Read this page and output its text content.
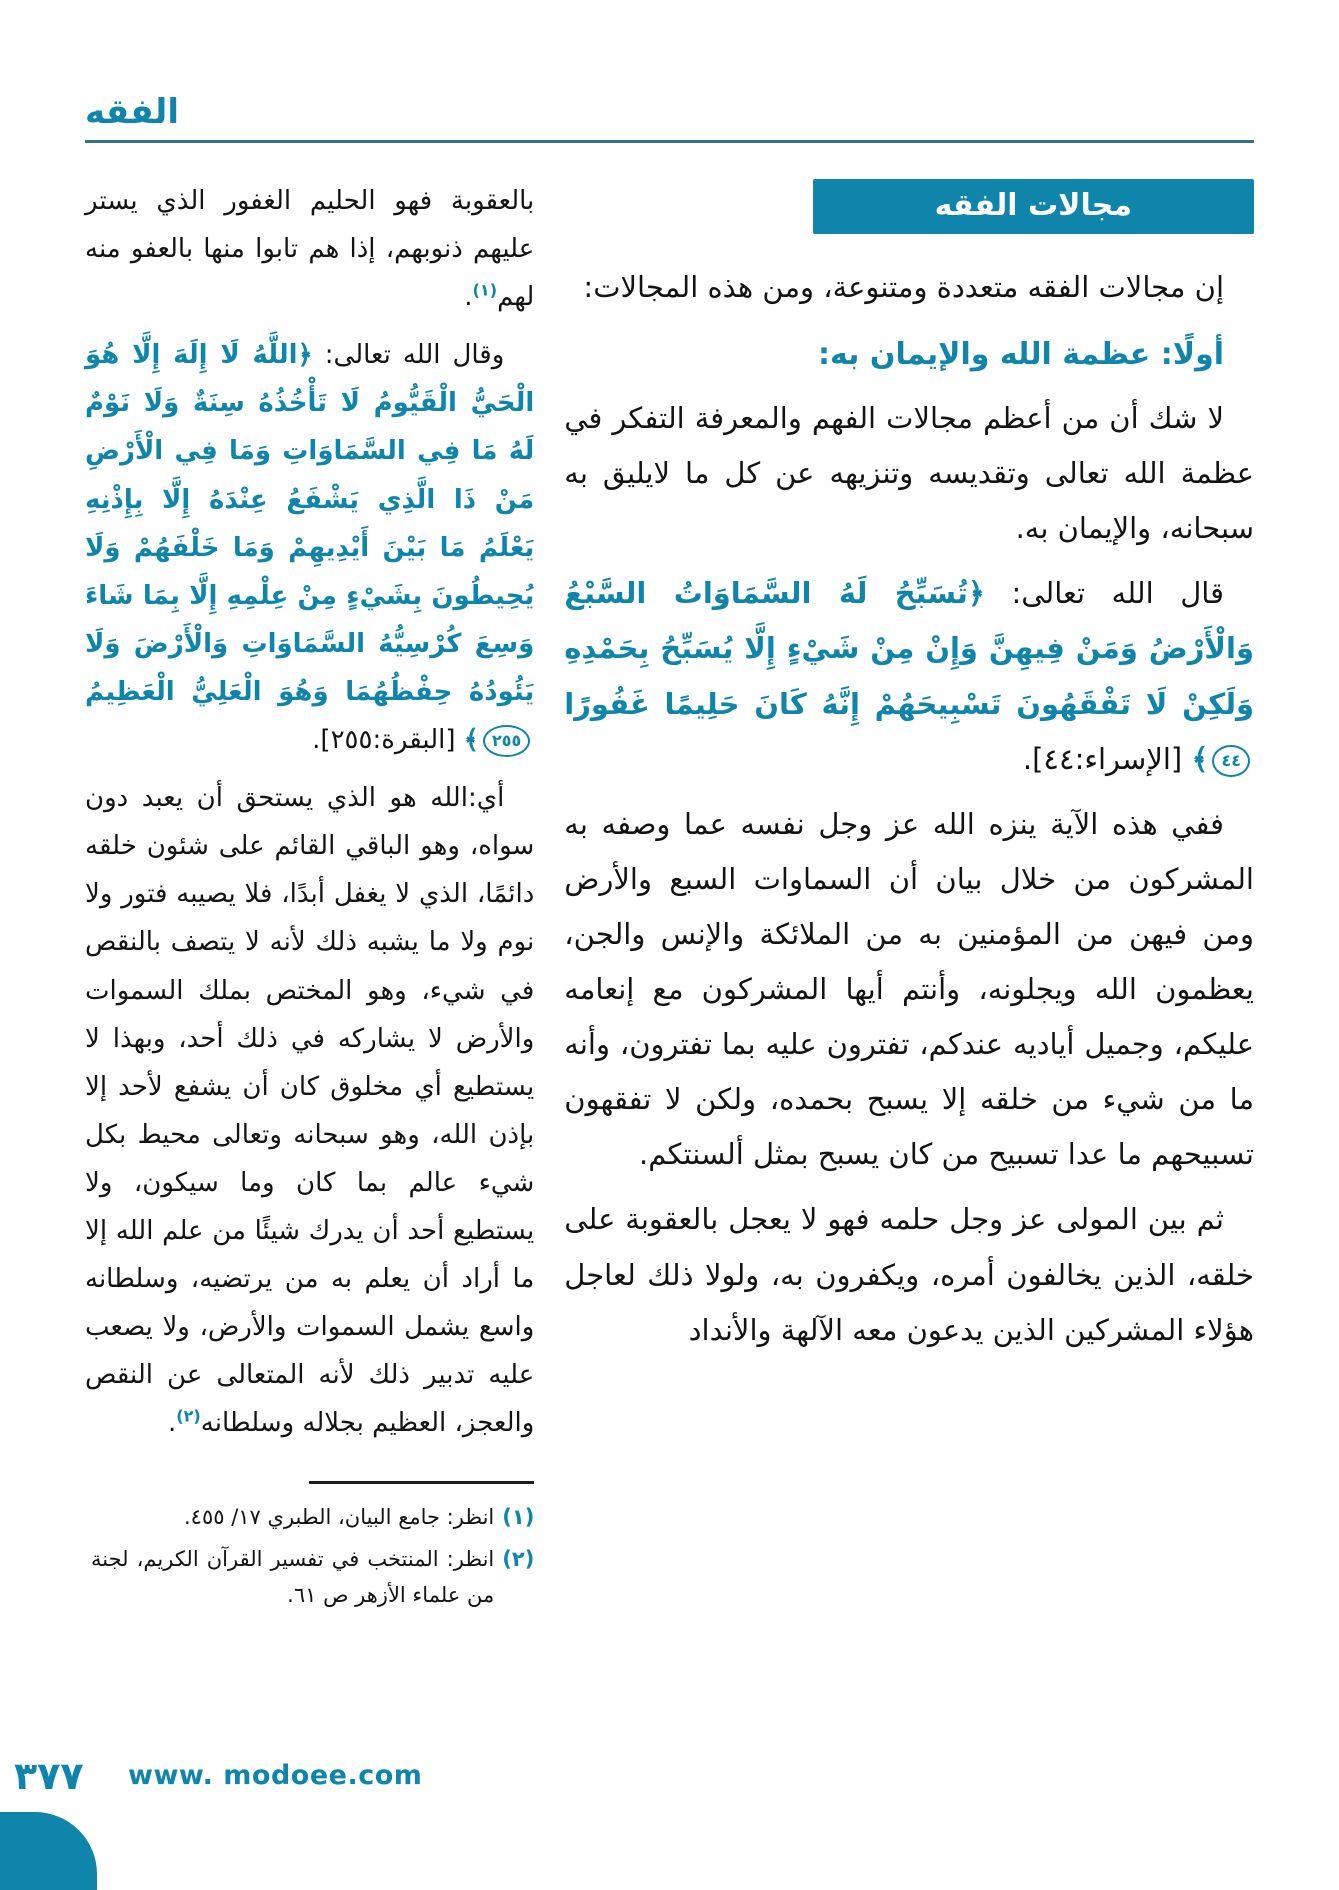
الفقه
مجالات الفقه

إن مجالات الفقه متعددة ومتنوعة، ومن هذه المجالات:

أولًا: عظمة الله والإيمان به:

لا شك أن من أعظم مجالات الفهم والمعرفة التفكر في عظمة الله تعالى وتقديسه وتنزيهه عن كل ما لايليق به سبحانه، والإيمان به.

قال الله تعالى: ﴿تُسَبِّحُ لَهُ السَّمَاوَاتُ السَّبْعُ وَالْأَرْضُ وَمَنْ فِيهِنَّ وَإِنْ مِنْ شَيْءٍ إِلَّا يُسَبِّحُ بِحَمْدِهِ وَلَكِنْ لَا تَفْقَهُونَ تَسْبِيحَهُمْ إِنَّهُ كَانَ حَلِيمًا غَفُورًا ٤٤﴾ [الإسراء:٤٤].

ففي هذه الآية ينزه الله عز وجل نفسه عما وصفه به المشركون من خلال بيان أن السماوات السبع والأرض ومن فيهن من المؤمنين به من الملائكة والإنس والجن، يعظمون الله ويجلونه، وأنتم أيها المشركون مع إنعامه عليكم، وجميل أياديه عندكم، تفترون عليه بما تفترون، وأنه ما من شيء من خلقه إلا يسبح بحمده، ولكن لا تفقهون تسبيحهم ما عدا تسبيح من كان يسبح بمثل ألسنتكم.

ثم بين المولى عز وجل حلمه فهو لا يعجل بالعقوبة على خلقه، الذين يخالفون أمره، ويكفرون به، ولولا ذلك لعاجل هؤلاء المشركين الذين يدعون معه الآلهة والأنداد

بالعقوبة فهو الحليم الغفور الذي يستر عليهم ذنوبهم، إذا هم تابوا منها بالعفو منه لهم$^{(١)}$.

وقال الله تعالى: ﴿اللَّهُ لَا إِلَهَ إِلَّا هُوَ الْحَيُّ الْقَيُّومُ لَا تَأْخُذُهُ سِنَةٌ وَلَا نَوْمٌ لَهُ مَا فِي السَّمَاوَاتِ وَمَا فِي الْأَرْضِ مَنْ ذَا الَّذِي يَشْفَعُ عِنْدَهُ إِلَّا بِإِذْنِهِ يَعْلَمُ مَا بَيْنَ أَيْدِيهِمْ وَمَا خَلْفَهُمْ وَلَا يُحِيطُونَ بِشَيْءٍ مِنْ عِلْمِهِ إِلَّا بِمَا شَاءَ وَسِعَ كُرْسِيُّهُ السَّمَاوَاتِ وَالْأَرْضَ وَلَا يَئُودُهُ حِفْظُهُمَا وَهُوَ الْعَلِيُّ الْعَظِيمُ ٢٥٥﴾ [البقرة:٢٥٥].

أي:الله هو الذي يستحق أن يعبد دون سواه، وهو الباقي القائم على شئون خلقه دائمًا، الذي لا يغفل أبدًا، فلا يصيبه فتور ولا نوم ولا ما يشبه ذلك لأنه لا يتصف بالنقص في شيء، وهو المختص بملك السموات والأرض لا يشاركه في ذلك أحد، وبهذا لا يستطيع أي مخلوق كان أن يشفع لأحد إلا بإذن الله، وهو سبحانه وتعالى محيط بكل شيء عالم بما كان وما سيكون، ولا يستطيع أحد أن يدرك شيئًا من علم الله إلا ما أراد أن يعلم به من يرتضيه، وسلطانه واسع يشمل السموات والأرض، ولا يصعب عليه تدبير ذلك لأنه المتعالى عن النقص والعجز، العظيم بجلاله وسلطانه$^{(٢)}$.

(١)
انظر: جامع البيان، الطبري ١٧/ ٤٥٥.
(٢)
انظر: المنتخب في تفسير القرآن الكريم، لجنة من علماء الأزهر ص ٦١.
٣٧٧ www. modoee.com
